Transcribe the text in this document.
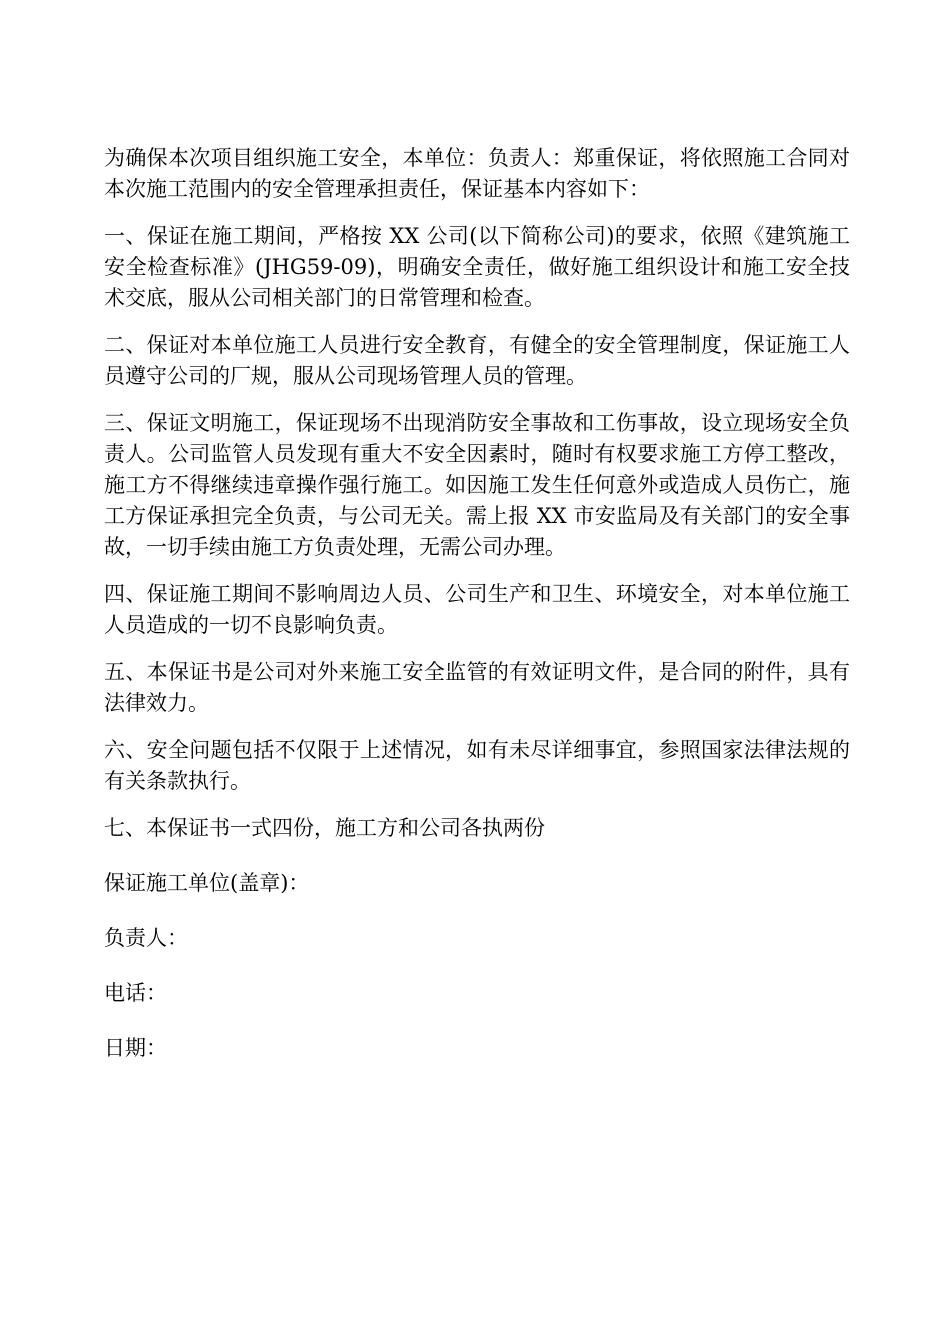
为确保本次项目组织施工安全，本单位：负责人：郑重保证，将依照施工合同对本次施工范围内的安全管理承担责任，保证基本内容如下：

一、保证在施工期间，严格按 XX 公司(以下简称公司)的要求，依照《建筑施工安全检查标准》(JHG59-09)，明确安全责任，做好施工组织设计和施工安全技术交底，服从公司相关部门的日常管理和检查。

二、保证对本单位施工人员进行安全教育，有健全的安全管理制度，保证施工人员遵守公司的厂规，服从公司现场管理人员的管理。

三、保证文明施工，保证现场不出现消防安全事故和工伤事故，设立现场安全负责人。公司监管人员发现有重大不安全因素时，随时有权要求施工方停工整改，施工方不得继续违章操作强行施工。如因施工发生任何意外或造成人员伤亡，施工方保证承担完全负责，与公司无关。需上报 XX 市安监局及有关部门的安全事故，一切手续由施工方负责处理，无需公司办理。

四、保证施工期间不影响周边人员、公司生产和卫生、环境安全，对本单位施工人员造成的一切不良影响负责。

五、本保证书是公司对外来施工安全监管的有效证明文件，是合同的附件，具有法律效力。

六、安全问题包括不仅限于上述情况，如有未尽详细事宜，参照国家法律法规的有关条款执行。

七、本保证书一式四份，施工方和公司各执两份

保证施工单位(盖章)：

负责人：

电话：

日期：
